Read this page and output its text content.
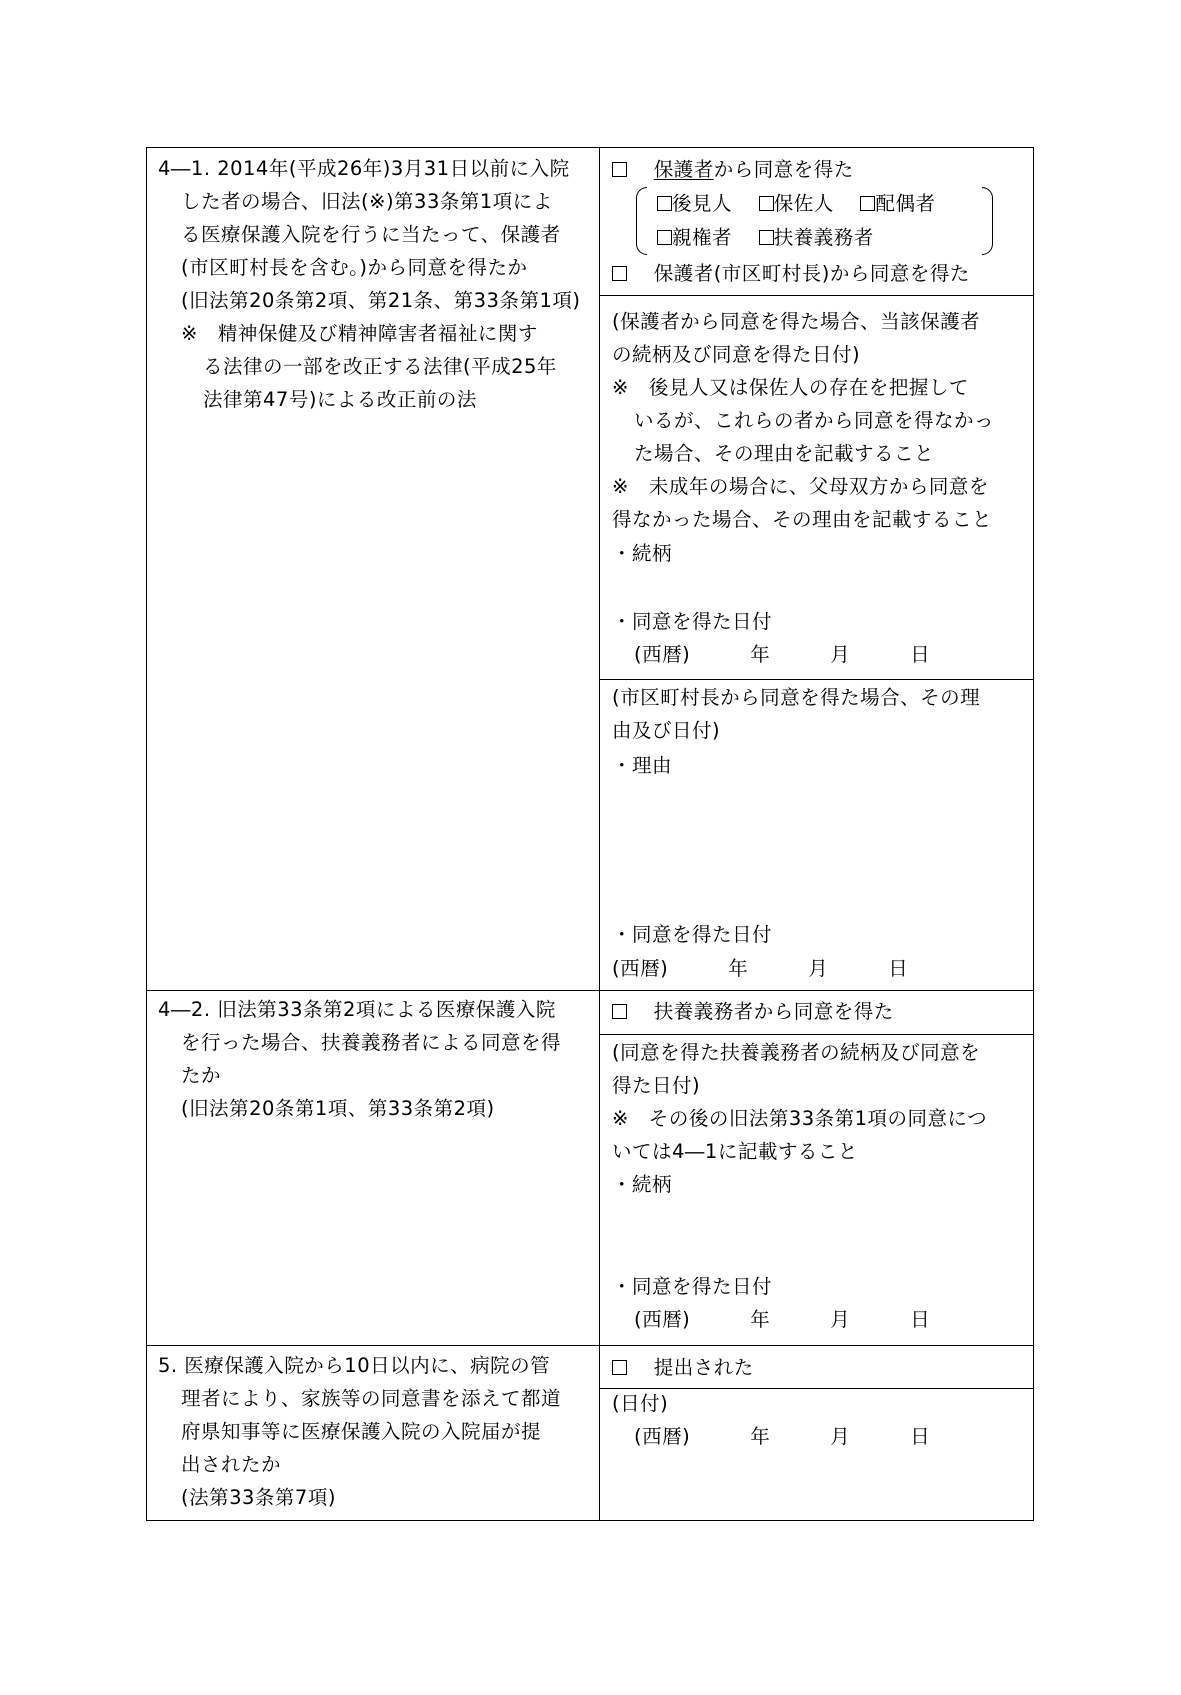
4―1. 2014年(平成26年)3月31日以前に入院
した者の場合、旧法(※)第33条第1項によ
る医療保護入院を行うに当たって、保護者
(市区町村長を含む。)から同意を得たか
(旧法第20条第2項、第21条、第33条第1項)
※　精神保健及び精神障害者福祉に関す
る法律の一部を改正する法律(平成25年
法律第47号)による改正前の法
　 保護者から同意を得た
後見人　 保佐人　 配偶者
親権者　 扶養義務者
　 保護者(市区町村長)から同意を得た
(保護者から同意を得た場合、当該保護者
の続柄及び同意を得た日付)
※　後見人又は保佐人の存在を把握して
いるが、これらの者から同意を得なかっ
た場合、その理由を記載すること
※　未成年の場合に、父母双方から同意を
得なかった場合、その理由を記載すること
・続柄
・同意を得た日付
(西暦)　　　年　　　月　　　日
(市区町村長から同意を得た場合、その理
由及び日付)
・理由
・同意を得た日付
(西暦)　　　年　　　月　　　日
4―2. 旧法第33条第2項による医療保護入院
を行った場合、扶養義務者による同意を得
たか
(旧法第20条第1項、第33条第2項)
　 扶養義務者から同意を得た
(同意を得た扶養義務者の続柄及び同意を
得た日付)
※　その後の旧法第33条第1項の同意につ
いては4―1に記載すること
・続柄
・同意を得た日付
(西暦)　　　年　　　月　　　日
5. 医療保護入院から10日以内に、病院の管
理者により、家族等の同意書を添えて都道
府県知事等に医療保護入院の入院届が提
出されたか
(法第33条第7項)
　 提出された
(日付)
(西暦)　　　年　　　月　　　日
